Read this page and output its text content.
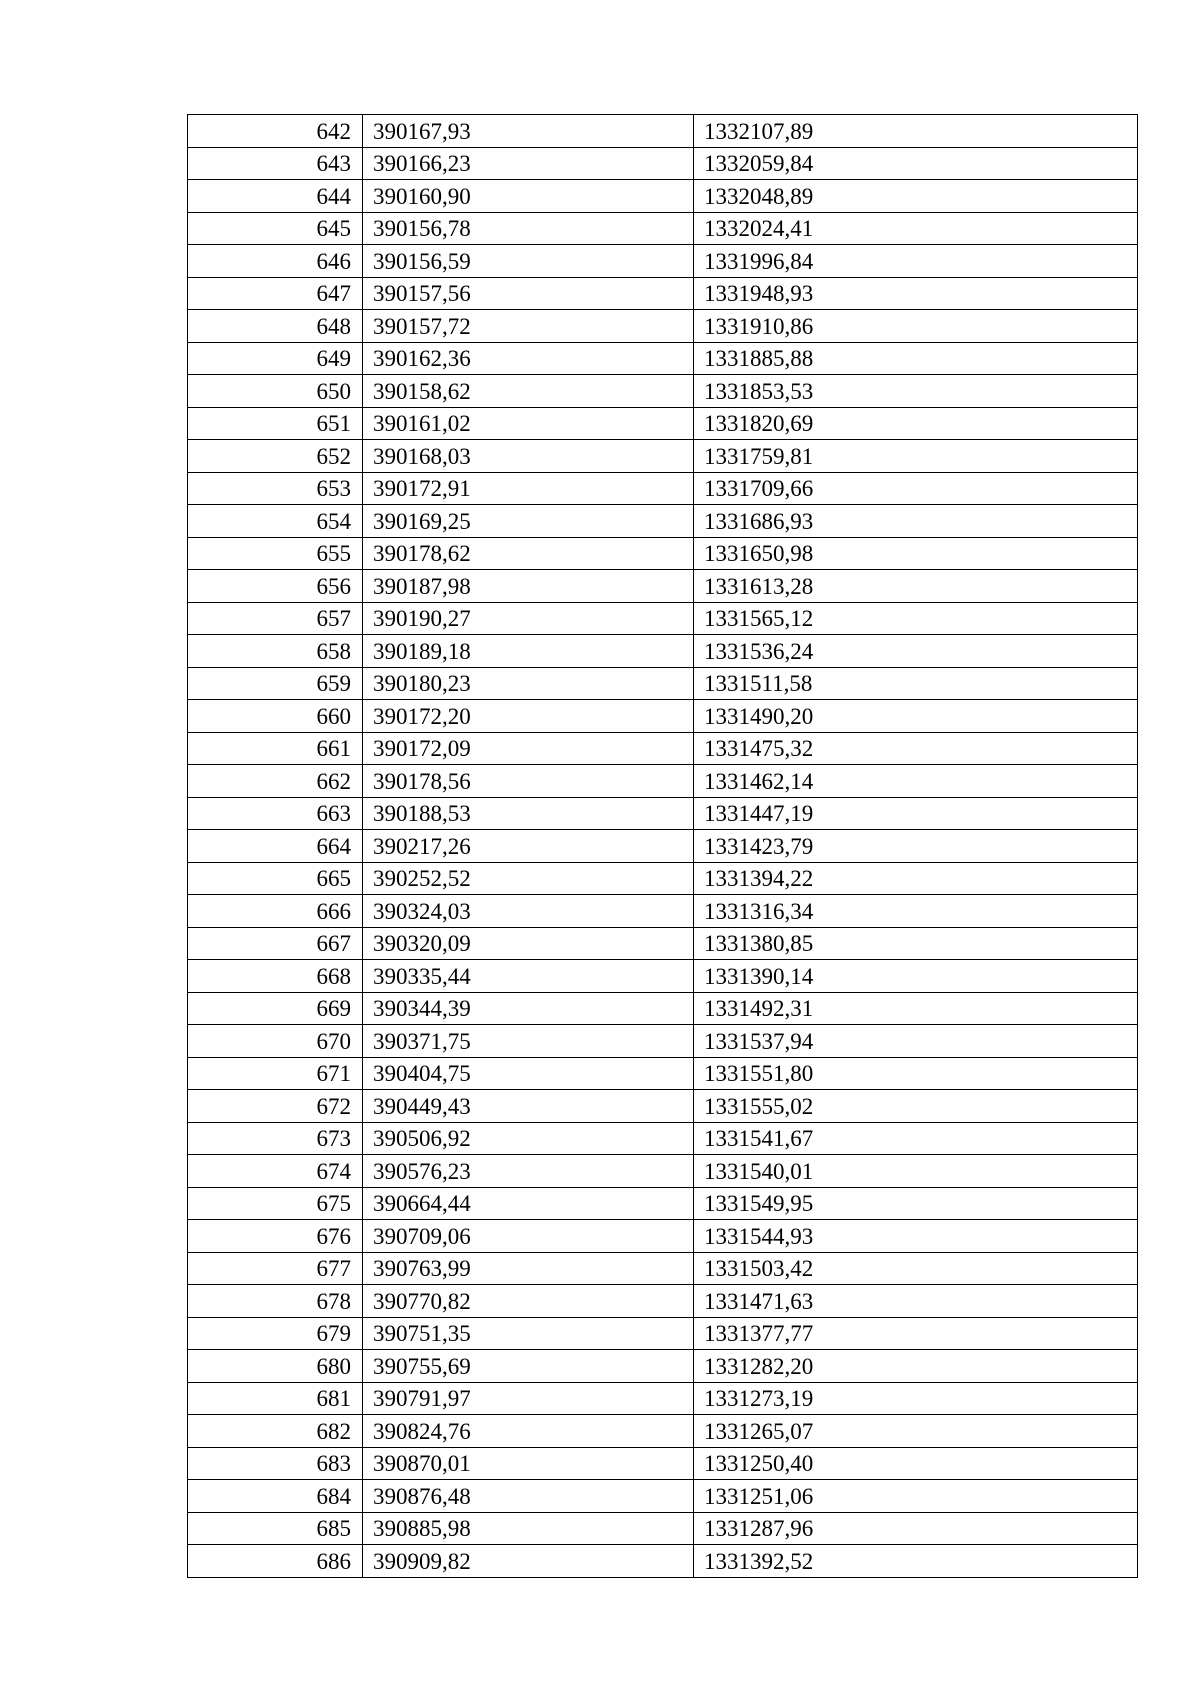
642	390167,93	1332107,89
643	390166,23	1332059,84
644	390160,90	1332048,89
645	390156,78	1332024,41
646	390156,59	1331996,84
647	390157,56	1331948,93
648	390157,72	1331910,86
649	390162,36	1331885,88
650	390158,62	1331853,53
651	390161,02	1331820,69
652	390168,03	1331759,81
653	390172,91	1331709,66
654	390169,25	1331686,93
655	390178,62	1331650,98
656	390187,98	1331613,28
657	390190,27	1331565,12
658	390189,18	1331536,24
659	390180,23	1331511,58
660	390172,20	1331490,20
661	390172,09	1331475,32
662	390178,56	1331462,14
663	390188,53	1331447,19
664	390217,26	1331423,79
665	390252,52	1331394,22
666	390324,03	1331316,34
667	390320,09	1331380,85
668	390335,44	1331390,14
669	390344,39	1331492,31
670	390371,75	1331537,94
671	390404,75	1331551,80
672	390449,43	1331555,02
673	390506,92	1331541,67
674	390576,23	1331540,01
675	390664,44	1331549,95
676	390709,06	1331544,93
677	390763,99	1331503,42
678	390770,82	1331471,63
679	390751,35	1331377,77
680	390755,69	1331282,20
681	390791,97	1331273,19
682	390824,76	1331265,07
683	390870,01	1331250,40
684	390876,48	1331251,06
685	390885,98	1331287,96
686	390909,82	1331392,52
